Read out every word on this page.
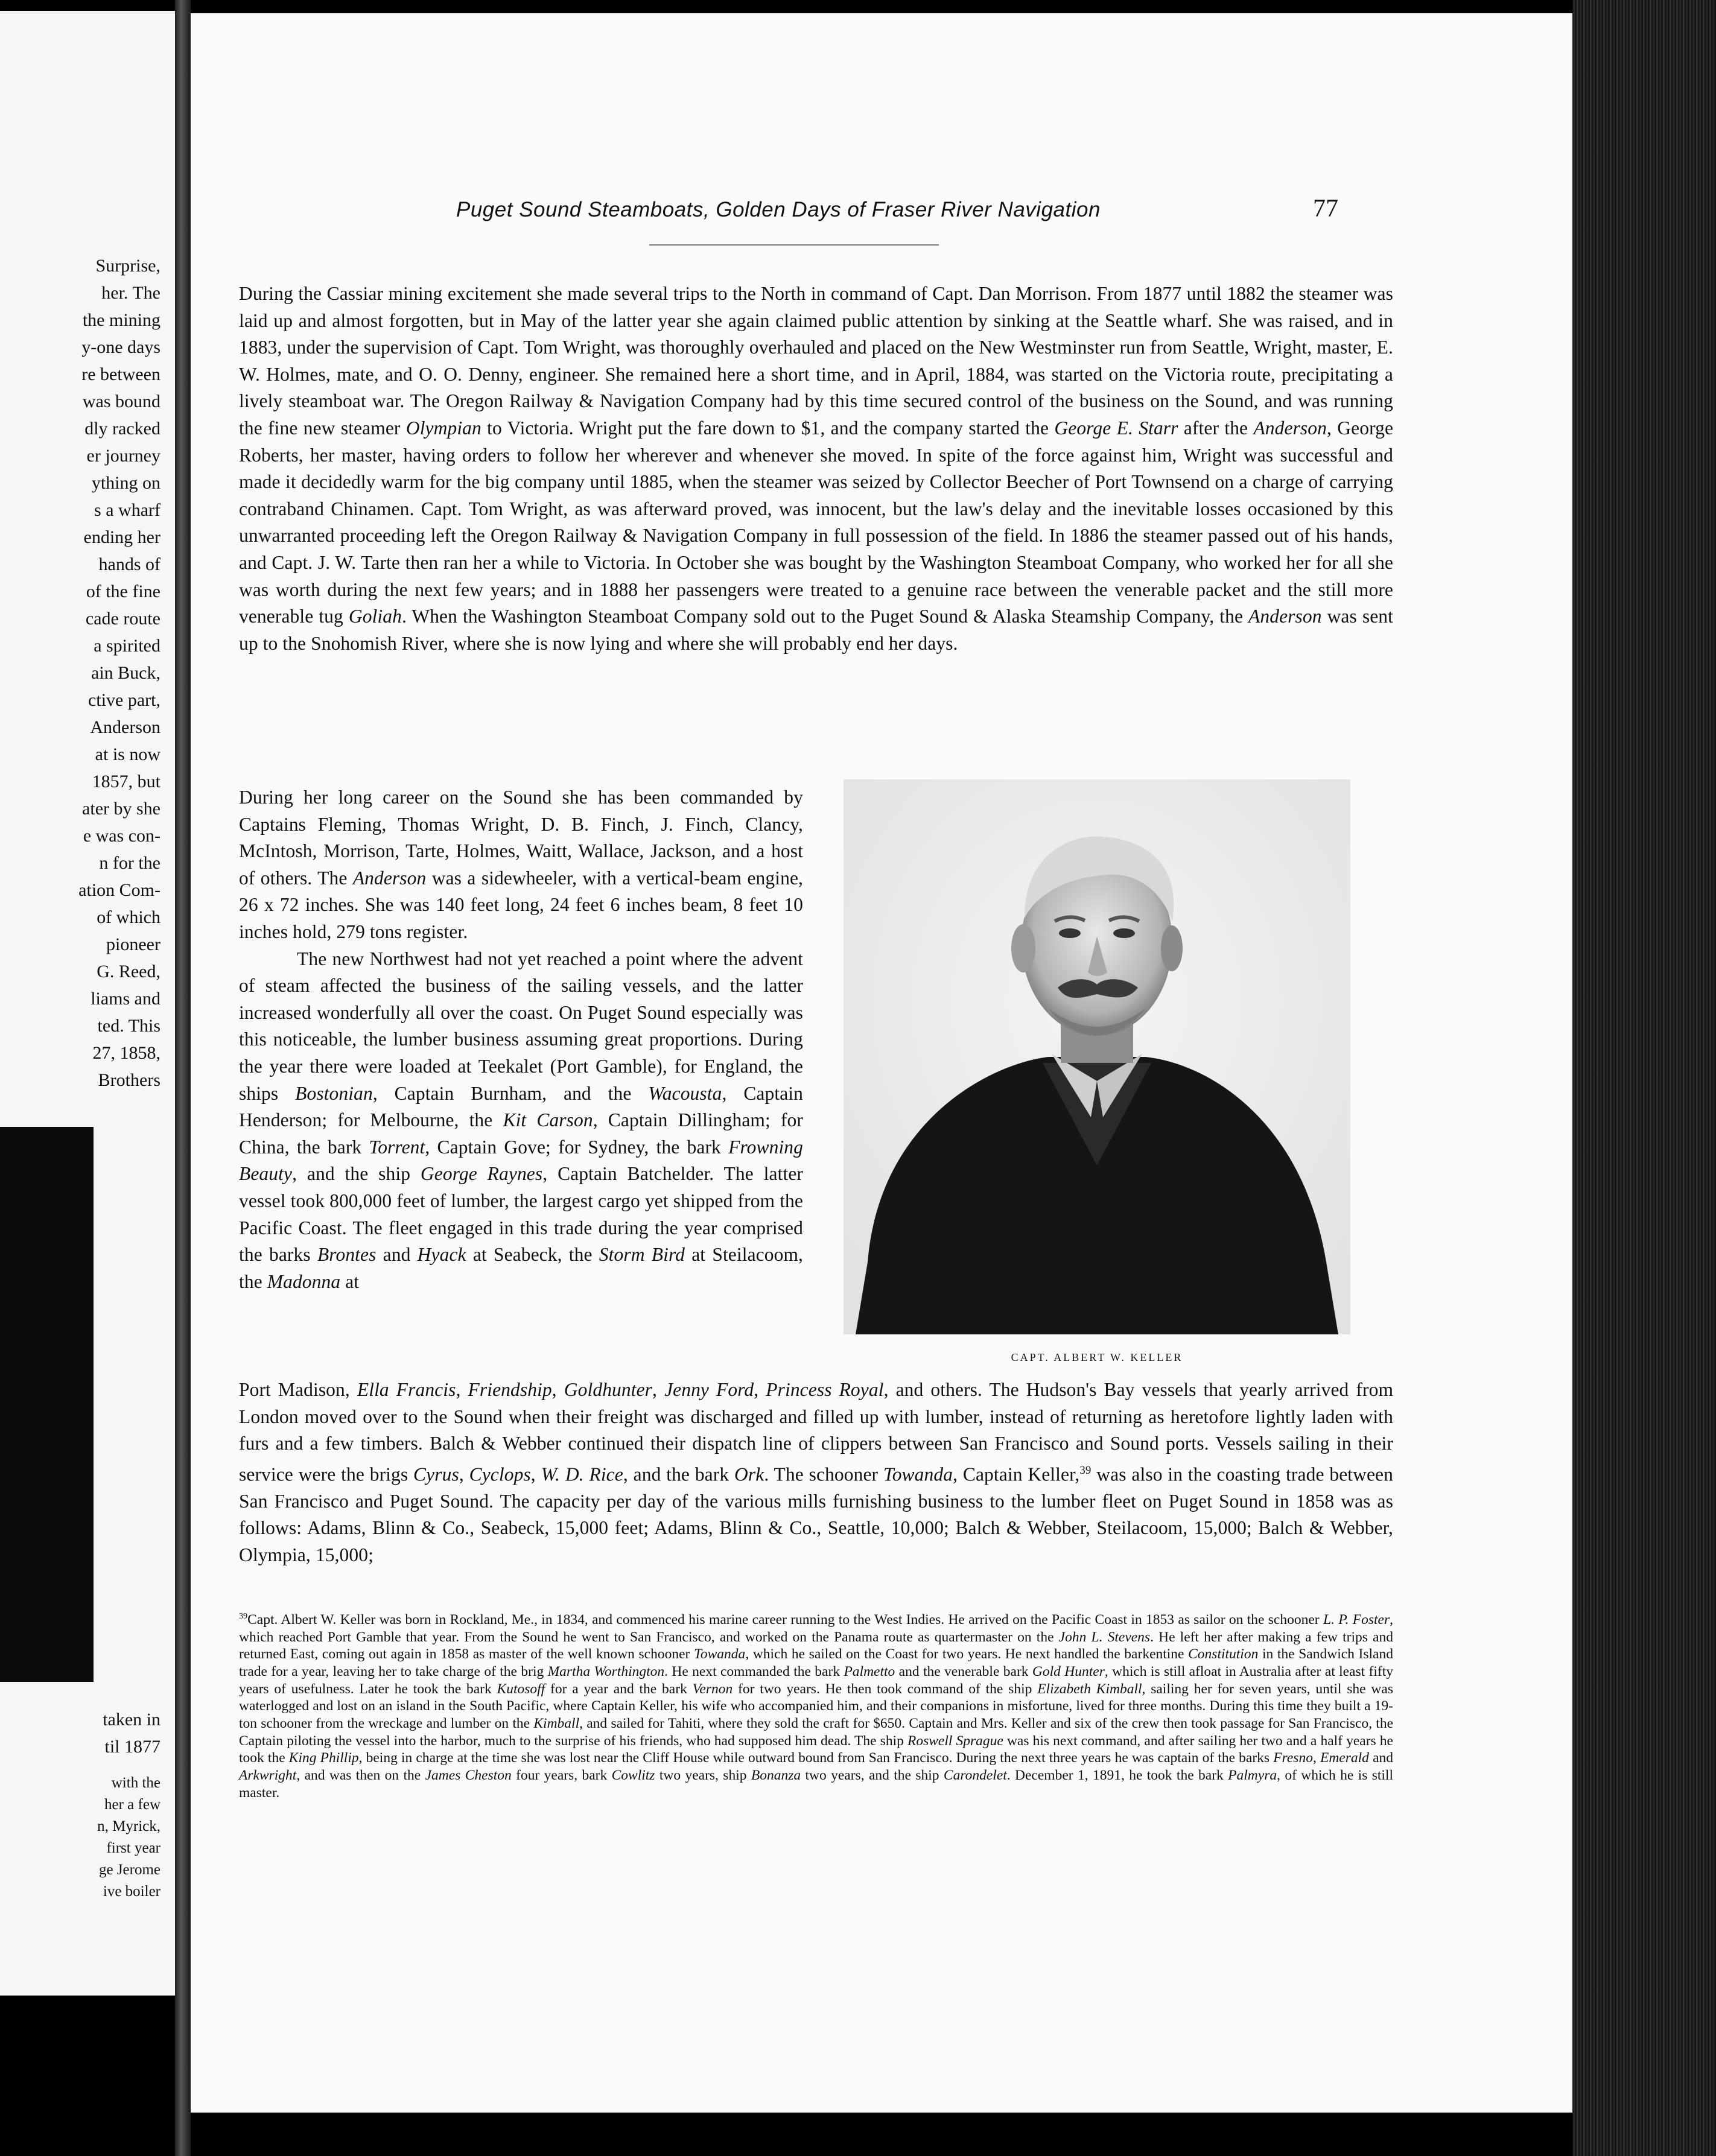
Surprise,
her. The
the mining
y-one days
re between
was bound
dly racked
er journey
ything on
s a wharf
ending her
hands of
of the fine
cade route
a spirited
ain Buck,
ctive part,
Anderson
at is now
1857, but
ater by she
e was con-
n for the
ation Com-
of which
pioneer
G. Reed,
liams and
ted. This
27, 1858,
Brothers
taken in
til 1877
with the
her a few
n, Myrick,
first year
ge Jerome
ive boiler
Puget Sound Steamboats, Golden Days of Fraser River Navigation	77

During the Cassiar mining excitement she made several trips to the North in command of Capt. Dan Morrison. From 1877 until 1882 the steamer was laid up and almost forgotten, but in May of the latter year she again claimed public attention by sinking at the Seattle wharf. She was raised, and in 1883, under the supervision of Capt. Tom Wright, was thoroughly overhauled and placed on the New Westminster run from Seattle, Wright, master, E. W. Holmes, mate, and O. O. Denny, engineer. She remained here a short time, and in April, 1884, was started on the Victoria route, precipitating a lively steamboat war. The Oregon Railway & Navigation Company had by this time secured control of the business on the Sound, and was running the fine new steamer Olympian to Victoria. Wright put the fare down to $1, and the company started the George E. Starr after the Anderson, George Roberts, her master, having orders to follow her wherever and whenever she moved. In spite of the force against him, Wright was successful and made it decidedly warm for the big company until 1885, when the steamer was seized by Collector Beecher of Port Townsend on a charge of carrying contraband Chinamen. Capt. Tom Wright, as was afterward proved, was innocent, but the law's delay and the inevitable losses occasioned by this unwarranted proceeding left the Oregon Railway & Navigation Company in full possession of the field. In 1886 the steamer passed out of his hands, and Capt. J. W. Tarte then ran her a while to Victoria. In October she was bought by the Washington Steamboat Company, who worked her for all she was worth during the next few years; and in 1888 her passengers were treated to a genuine race between the venerable packet and the still more venerable tug Goliah. When the Washington Steamboat Company sold out to the Puget Sound & Alaska Steamship Company, the Anderson was sent up to the Snohomish River, where she is now lying and where she will probably end her days.

During her long career on the Sound she has been commanded by Captains Fleming, Thomas Wright, D. B. Finch, J. Finch, Clancy, McIntosh, Morrison, Tarte, Holmes, Waitt, Wallace, Jackson, and a host of others. The Anderson was a sidewheeler, with a vertical-beam engine, 26 x 72 inches. She was 140 feet long, 24 feet 6 inches beam, 8 feet 10 inches hold, 279 tons register.

The new Northwest had not yet reached a point where the advent of steam affected the business of the sailing vessels, and the latter increased wonderfully all over the coast. On Puget Sound especially was this noticeable, the lumber business assuming great proportions. During the year there were loaded at Teekalet (Port Gamble), for England, the ships Bostonian, Captain Burnham, and the Wacousta, Captain Henderson; for Melbourne, the Kit Carson, Captain Dillingham; for China, the bark Torrent, Captain Gove; for Sydney, the bark Frowning Beauty, and the ship George Raynes, Captain Batchelder. The latter vessel took 800,000 feet of lumber, the largest cargo yet shipped from the Pacific Coast. The fleet engaged in this trade during the year comprised the barks Brontes and Hyack at Seabeck, the Storm Bird at Steilacoom, the Madonna at

CAPT. ALBERT W. KELLER

Port Madison, Ella Francis, Friendship, Goldhunter, Jenny Ford, Princess Royal, and others. The Hudson's Bay vessels that yearly arrived from London moved over to the Sound when their freight was discharged and filled up with lumber, instead of returning as heretofore lightly laden with furs and a few timbers. Balch & Webber continued their dispatch line of clippers between San Francisco and Sound ports. Vessels sailing in their service were the brigs Cyrus, Cyclops, W. D. Rice, and the bark Ork. The schooner Towanda, Captain Keller,$^{39}$ was also in the coasting trade between San Francisco and Puget Sound. The capacity per day of the various mills furnishing business to the lumber fleet on Puget Sound in 1858 was as follows: Adams, Blinn & Co., Seabeck, 15,000 feet; Adams, Blinn & Co., Seattle, 10,000; Balch & Webber, Steilacoom, 15,000; Balch & Webber, Olympia, 15,000;

$^{39}$Capt. Albert W. Keller was born in Rockland, Me., in 1834, and commenced his marine career running to the West Indies. He arrived on the Pacific Coast in 1853 as sailor on the schooner L. P. Foster, which reached Port Gamble that year. From the Sound he went to San Francisco, and worked on the Panama route as quartermaster on the John L. Stevens. He left her after making a few trips and returned East, coming out again in 1858 as master of the well known schooner Towanda, which he sailed on the Coast for two years. He next handled the barkentine Constitution in the Sandwich Island trade for a year, leaving her to take charge of the brig Martha Worthington. He next commanded the bark Palmetto and the venerable bark Gold Hunter, which is still afloat in Australia after at least fifty years of usefulness. Later he took the bark Kutosoff for a year and the bark Vernon for two years. He then took command of the ship Elizabeth Kimball, sailing her for seven years, until she was waterlogged and lost on an island in the South Pacific, where Captain Keller, his wife who accompanied him, and their companions in misfortune, lived for three months. During this time they built a 19-ton schooner from the wreckage and lumber on the Kimball, and sailed for Tahiti, where they sold the craft for $650. Captain and Mrs. Keller and six of the crew then took passage for San Francisco, the Captain piloting the vessel into the harbor, much to the surprise of his friends, who had supposed him dead. The ship Roswell Sprague was his next command, and after sailing her two and a half years he took the King Phillip, being in charge at the time she was lost near the Cliff House while outward bound from San Francisco. During the next three years he was captain of the barks Fresno, Emerald and Arkwright, and was then on the James Cheston four years, bark Cowlitz two years, ship Bonanza two years, and the ship Carondelet. December 1, 1891, he took the bark Palmyra, of which he is still master.
